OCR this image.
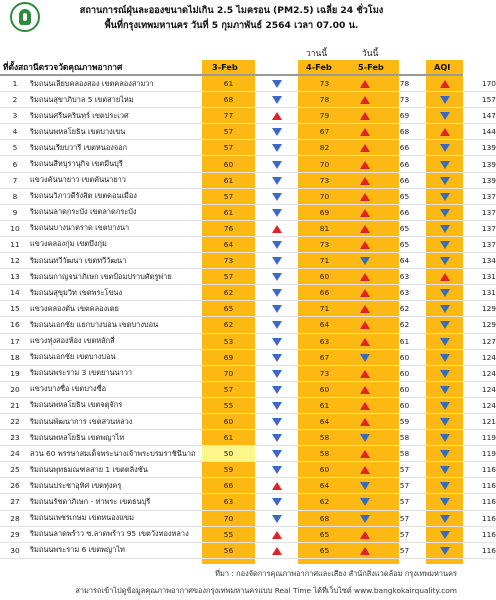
สถานการณ์ฝุ่นละอองขนาดไม่เกิน 2.5 ไมครอน (PM2.5) เฉลี่ย 24 ชั่วโมง
พื้นที่กรุงเทพมหานคร วันที่ 5 กุมภาพันธ์ 2564 เวลา 07.00 น.
วานนี้	วันนี้
ที่ตั้งสถานีตรวจวัดคุณภาพอากาศ	3-Feb	4-Feb	5-Feb	AQI
1	ริมถนนเลียบคลองสอง เขตคลองสามวา	61		73		78		170
2	ริมถนนสุขาภิบาล 5 เขตสายไหม	68		78		73		157
3	ริมถนนศรีนครินทร์ เขตประเวศ	77		79		69		147
4	ริมถนนพหลโยธิน เขตบางเขน	57		67		68		144
5	ริมถนนเรียบวารี เขตหนองจอก	57		82		66		139
6	ริมถนนสีหบุรานุกิจ เขตมีนบุรี	60		70		66		139
7	แขวงคันนายาว เขตคันนายาว	61		73		66		139
8	ริมถนนวิภาวดีรังสิต เขตดอนเมือง	57		70		65		137
9	ริมถนนลาดกระบัง เขตลาดกระบัง	61		69		66		137
10	ริมถนนบางนาตราด เขตบางนา	76		81		65		137
11	แขวงคลองกุ่ม เขตบึงกุ่ม	64		73		65		137
12	ริมถนนทวีวัฒนา เขตทวีวัฒนา	73		71		64		134
13	ริมถนนกาญจนาภิเษก เขตป้อมปราบศัตรูพ่าย	57		60		63		131
14	ริมถนนสุขุมวิท เขตพระโขนง	62		66		63		131
15	แขวงคลองตัน เขตคลองเตย	65		71		62		129
16	ริมถนนเอกชัย แยกบางบอน เขตบางบอน	62		64		62		129
17	แขวงทุ่งสองห้อง เขตหลักสี่	53		63		61		127
18	ริมถนนเอกชัย เขตบางบอน	69		67		60		124
19	ริมถนนพระราม 3 เขตยานนาวา	70		73		60		124
20	แขวงบางซื่อ เขตบางซื่อ	57		60		60		124
21	ริมถนนพหลโยธิน เขตจตุจักร	55		61		60		124
22	ริมถนนพัฒนาการ เขตสวนหลวง	60		64		59		121
23	ริมถนนพหลโยธิน เขตพญาไท	61		58		58		119
24	สวน 60 พรรษาสมเด็จพระนางเจ้าพระบรมราชินีนาถ	50		58		58		119
25	ริมถนนพุทธมณฑลสาย 1 เขตตลิ่งชัน	59		60		57		116
26	ริมถนนประชาอุทิศ เขตทุ่งครุ	66		64		57		116
27	ริมถนนรัชดาภิเษก - ท่าพระ เขตธนบุรี	63		62		57		116
28	ริมถนนเพชรเกษม เขตหนองแขม	70		68		57		116
29	ริมถนนลาดพร้าว ซ.ลาดพร้าว 95 เขตวังทองหลาง	55		65		57		116
30	ริมถนนพระราม 6 เขตพญาไท	56		65		57		116
ที่มา : กองจัดการคุณภาพอากาศและเสียง สำนักสิ่งแวดล้อม กรุงเทพมหานคร
สามารถเข้าไปดูข้อมูลคุณภาพอากาศของกรุงเทพมหานครแบบ Real Time ได้ที่เว็บไซต์ www.bangkokairquality.com
